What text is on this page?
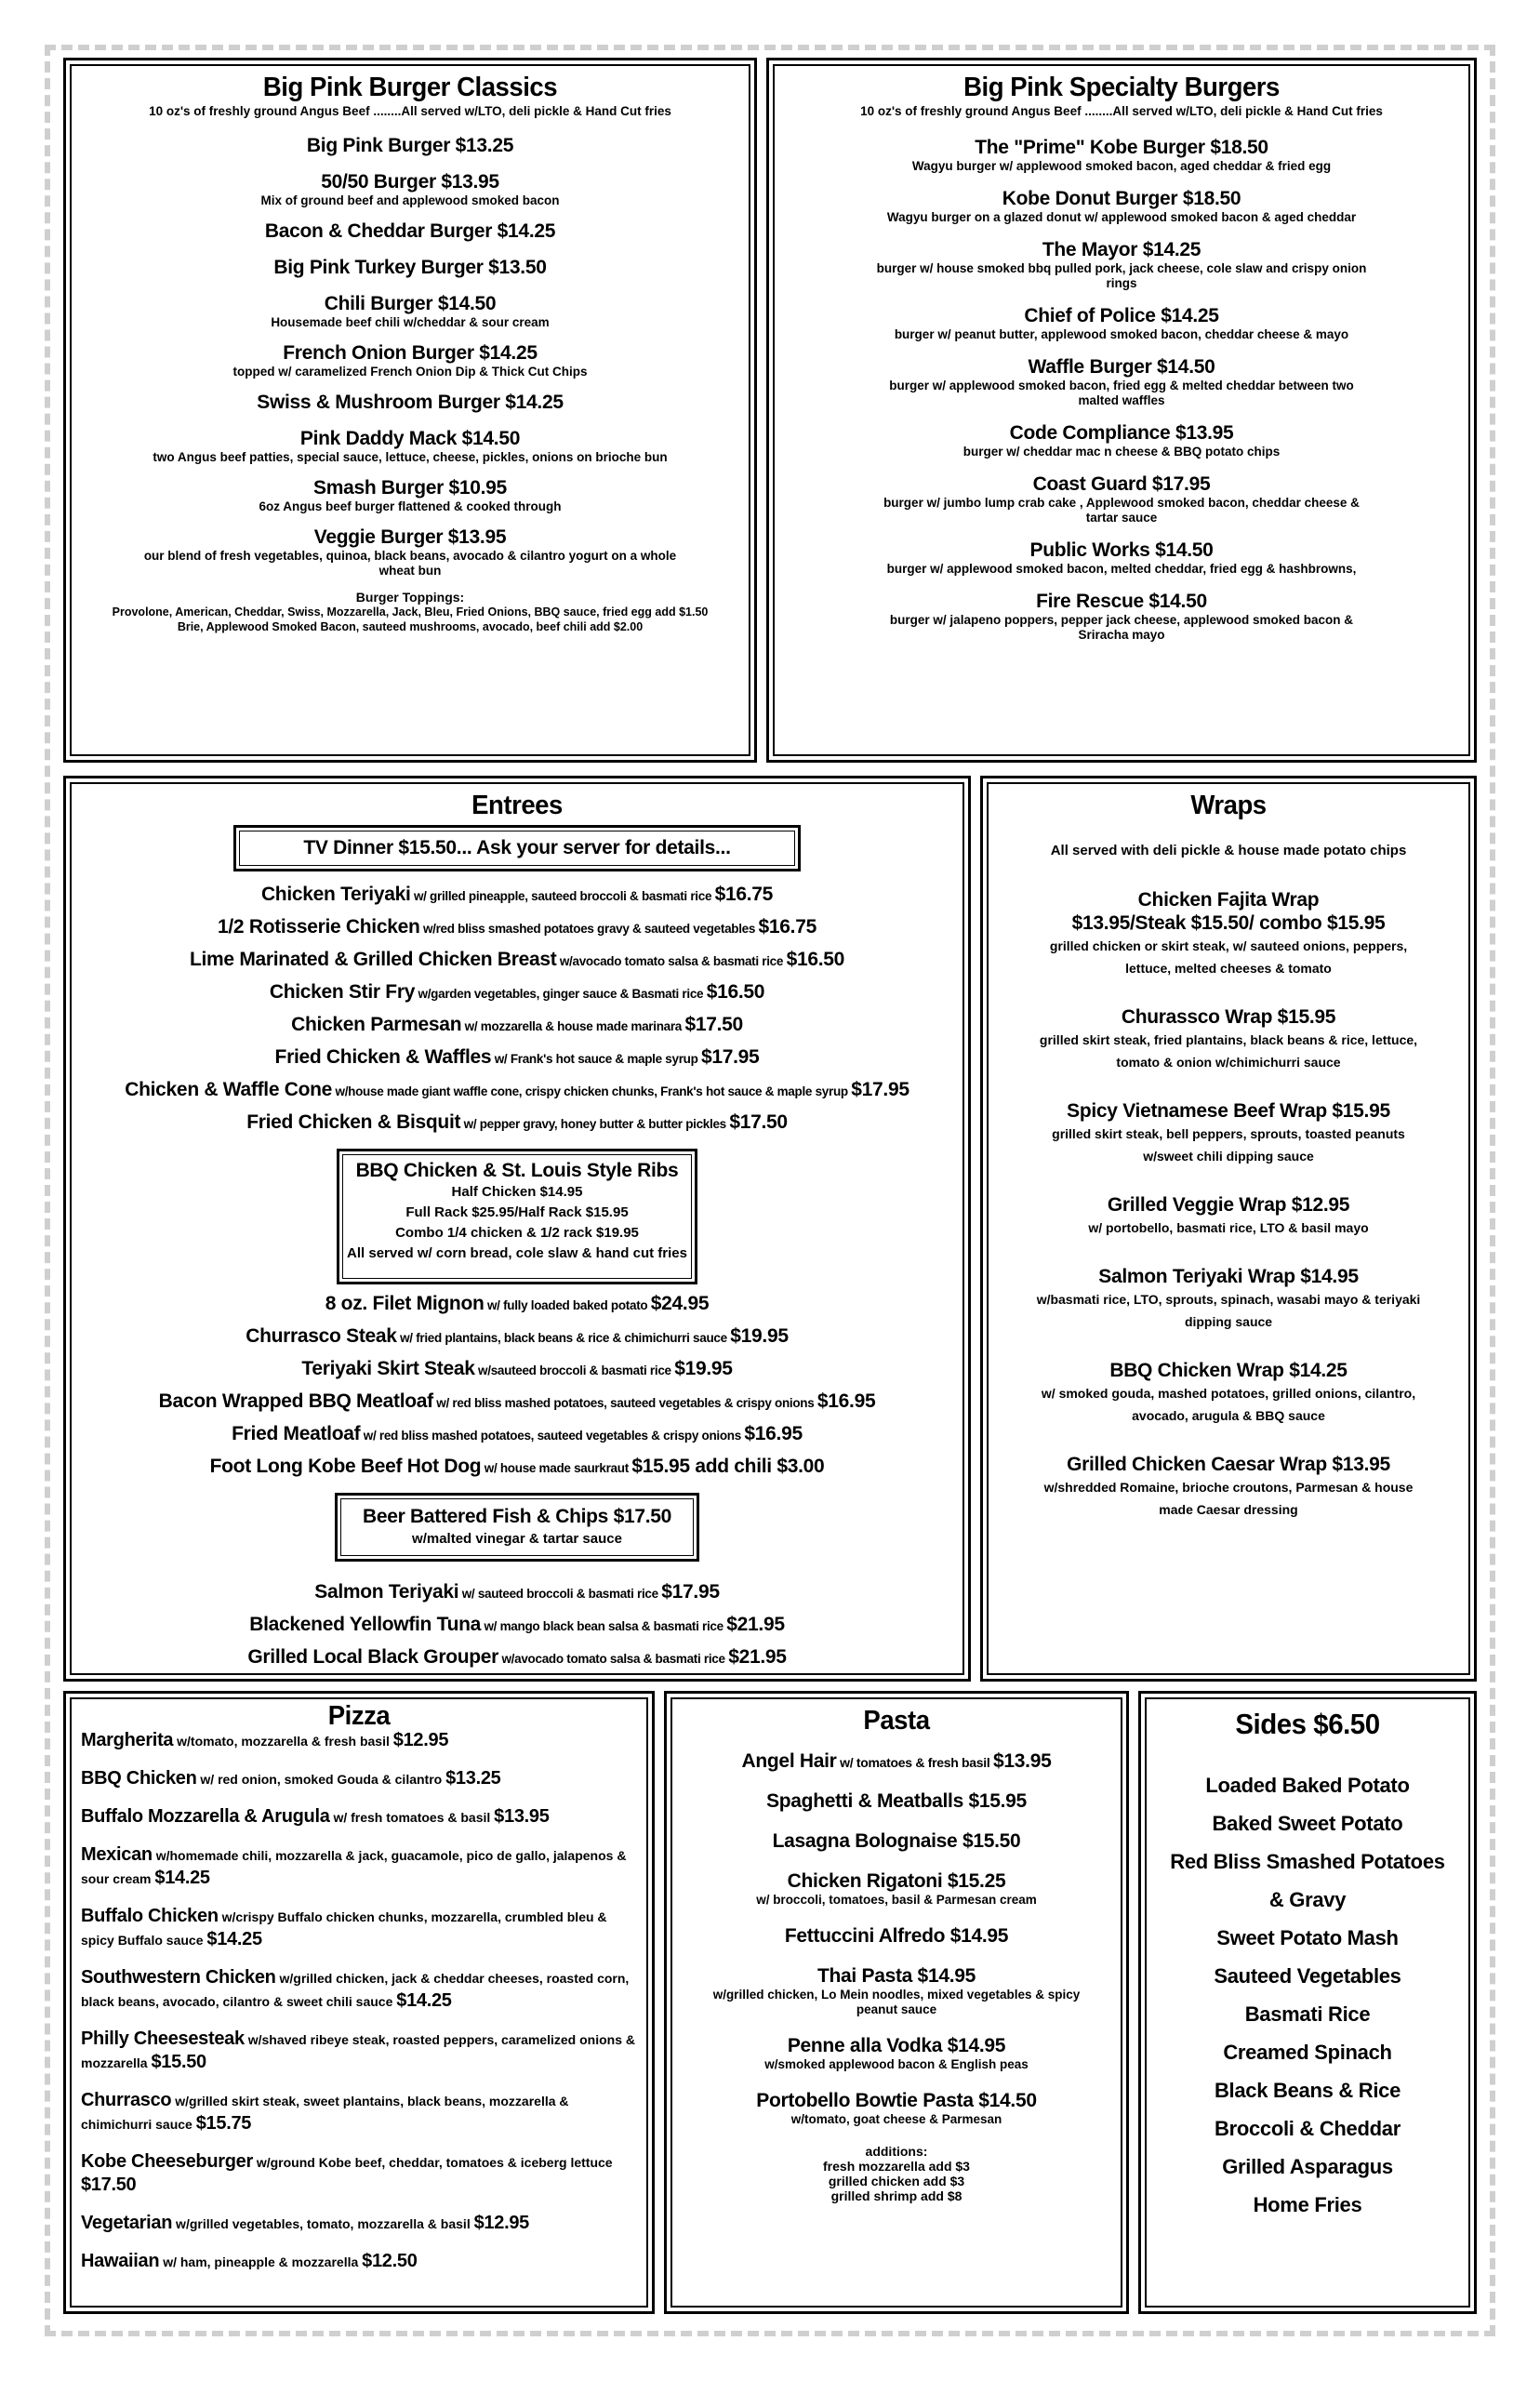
Big Pink Burger Classics
10 oz's of freshly ground Angus Beef ........All served w/LTO, deli pickle & Hand Cut fries
Big Pink Burger $13.25
50/50 Burger $13.95
Mix of ground beef and applewood smoked bacon
Bacon & Cheddar Burger $14.25
Big Pink Turkey Burger $13.50
Chili Burger $14.50
Housemade beef chili w/cheddar & sour cream
French Onion Burger $14.25
topped w/ caramelized French Onion Dip & Thick Cut Chips
Swiss & Mushroom Burger $14.25
Pink Daddy Mack $14.50
two Angus beef patties, special sauce, lettuce, cheese, pickles, onions on brioche bun
Smash Burger $10.95
6oz Angus beef burger flattened & cooked through
Veggie Burger $13.95
our blend of fresh vegetables, quinoa, black beans, avocado & cilantro yogurt on a whole wheat bun
Burger Toppings:
Provolone, American, Cheddar, Swiss, Mozzarella, Jack, Bleu, Fried Onions, BBQ sauce, fried egg add $1.50
Brie, Applewood Smoked Bacon, sauteed mushrooms, avocado, beef chili add $2.00
Big Pink Specialty Burgers
10 oz's of freshly ground Angus Beef ........All served w/LTO, deli pickle & Hand Cut fries
The "Prime" Kobe Burger $18.50
Wagyu burger w/ applewood smoked bacon, aged cheddar & fried egg
Kobe Donut Burger $18.50
Wagyu burger on a glazed donut w/ applewood smoked bacon & aged cheddar
The Mayor $14.25
burger w/ house smoked bbq pulled pork, jack cheese, cole slaw and crispy onion rings
Chief of Police $14.25
burger w/ peanut butter, applewood smoked bacon, cheddar cheese & mayo
Waffle Burger $14.50
burger w/ applewood smoked bacon, fried egg & melted cheddar between two malted waffles
Code Compliance $13.95
burger w/ cheddar mac n cheese & BBQ potato chips
Coast Guard $17.95
burger w/ jumbo lump crab cake , Applewood smoked bacon, cheddar cheese & tartar sauce
Public Works $14.50
burger w/ applewood smoked bacon, melted cheddar, fried egg & hashbrowns,
Fire Rescue $14.50
burger w/ jalapeno poppers, pepper jack cheese, applewood smoked bacon & Sriracha mayo
Entrees
TV Dinner $15.50... Ask your server for details...
Chicken Teriyaki w/ grilled pineapple, sauteed broccoli & basmati rice $16.75
1/2 Rotisserie Chicken w/red bliss smashed potatoes gravy & sauteed vegetables $16.75
Lime Marinated & Grilled Chicken Breast w/avocado tomato salsa & basmati rice $16.50
Chicken Stir Fry w/garden vegetables, ginger sauce & Basmati rice $16.50
Chicken Parmesan w/ mozzarella & house made marinara $17.50
Fried Chicken & Waffles w/ Frank's hot sauce & maple syrup $17.95
Chicken & Waffle Cone w/house made giant waffle cone, crispy chicken chunks, Frank's hot sauce & maple syrup $17.95
Fried Chicken & Bisquit w/ pepper gravy, honey butter & butter pickles $17.50
BBQ Chicken & St. Louis Style Ribs
Half Chicken $14.95
Full Rack $25.95/Half Rack $15.95
Combo 1/4 chicken & 1/2 rack $19.95
All served w/ corn bread, cole slaw & hand cut fries
8 oz. Filet Mignon w/ fully loaded baked potato $24.95
Churrasco Steak w/ fried plantains, black beans & rice & chimichurri sauce $19.95
Teriyaki Skirt Steak w/sauteed broccoli & basmati rice $19.95
Bacon Wrapped BBQ Meatloaf w/ red bliss mashed potatoes, sauteed vegetables & crispy onions $16.95
Fried Meatloaf w/ red bliss mashed potatoes, sauteed vegetables & crispy onions $16.95
Foot Long Kobe Beef Hot Dog w/ house made saurkraut $15.95 add chili $3.00
Beer Battered Fish & Chips $17.50
w/malted vinegar & tartar sauce
Salmon Teriyaki w/ sauteed broccoli & basmati rice $17.95
Blackened Yellowfin Tuna w/ mango black bean salsa & basmati rice $21.95
Grilled Local Black Grouper w/avocado tomato salsa & basmati rice $21.95
Wraps
All served with deli pickle & house made potato chips
Chicken Fajita Wrap
$13.95/Steak $15.50/ combo $15.95
grilled chicken or skirt steak, w/ sauteed onions, peppers, lettuce, melted cheeses & tomato
Churassco Wrap $15.95
grilled skirt steak, fried plantains, black beans & rice, lettuce, tomato & onion w/chimichurri sauce
Spicy Vietnamese Beef Wrap $15.95
grilled skirt steak, bell peppers, sprouts, toasted peanuts w/sweet chili dipping sauce
Grilled Veggie Wrap $12.95
w/ portobello, basmati rice, LTO & basil mayo
Salmon Teriyaki Wrap $14.95
w/basmati rice, LTO, sprouts, spinach, wasabi mayo & teriyaki dipping sauce
BBQ Chicken Wrap $14.25
w/ smoked gouda, mashed potatoes, grilled onions, cilantro, avocado, arugula & BBQ sauce
Grilled Chicken Caesar Wrap $13.95
w/shredded Romaine, brioche croutons, Parmesan & house made Caesar dressing
Pizza
Margherita w/tomato, mozzarella & fresh basil $12.95
BBQ Chicken w/ red onion, smoked Gouda & cilantro $13.25
Buffalo Mozzarella & Arugula w/ fresh tomatoes & basil $13.95
Mexican w/homemade chili, mozzarella & jack, guacamole, pico de gallo, jalapenos & sour cream $14.25
Buffalo Chicken w/crispy Buffalo chicken chunks, mozzarella, crumbled bleu & spicy Buffalo sauce $14.25
Southwestern Chicken w/grilled chicken, jack & cheddar cheeses, roasted corn, black beans, avocado, cilantro & sweet chili sauce $14.25
Philly Cheesesteak w/shaved ribeye steak, roasted peppers, caramelized onions & mozzarella $15.50
Churrasco w/grilled skirt steak, sweet plantains, black beans, mozzarella & chimichurri sauce $15.75
Kobe Cheeseburger w/ground Kobe beef, cheddar, tomatoes & iceberg lettuce $17.50
Vegetarian w/grilled vegetables, tomato, mozzarella & basil $12.95
Hawaiian w/ ham, pineapple & mozzarella $12.50
Pasta
Angel Hair w/ tomatoes & fresh basil $13.95
Spaghetti & Meatballs $15.95
Lasagna Bolognaise $15.50
Chicken Rigatoni $15.25
w/ broccoli, tomatoes, basil & Parmesan cream
Fettuccini Alfredo $14.95
Thai Pasta $14.95
w/grilled chicken, Lo Mein noodles, mixed vegetables & spicy peanut sauce
Penne alla Vodka $14.95
w/smoked applewood bacon & English peas
Portobello Bowtie Pasta $14.50
w/tomato, goat cheese & Parmesan
additions:
fresh mozzarella add $3
grilled chicken add $3
grilled shrimp add $8
Sides $6.50
Loaded Baked Potato
Baked Sweet Potato
Red Bliss Smashed Potatoes
& Gravy
Sweet Potato Mash
Sauteed Vegetables
Basmati Rice
Creamed Spinach
Black Beans & Rice
Broccoli & Cheddar
Grilled Asparagus
Home Fries
